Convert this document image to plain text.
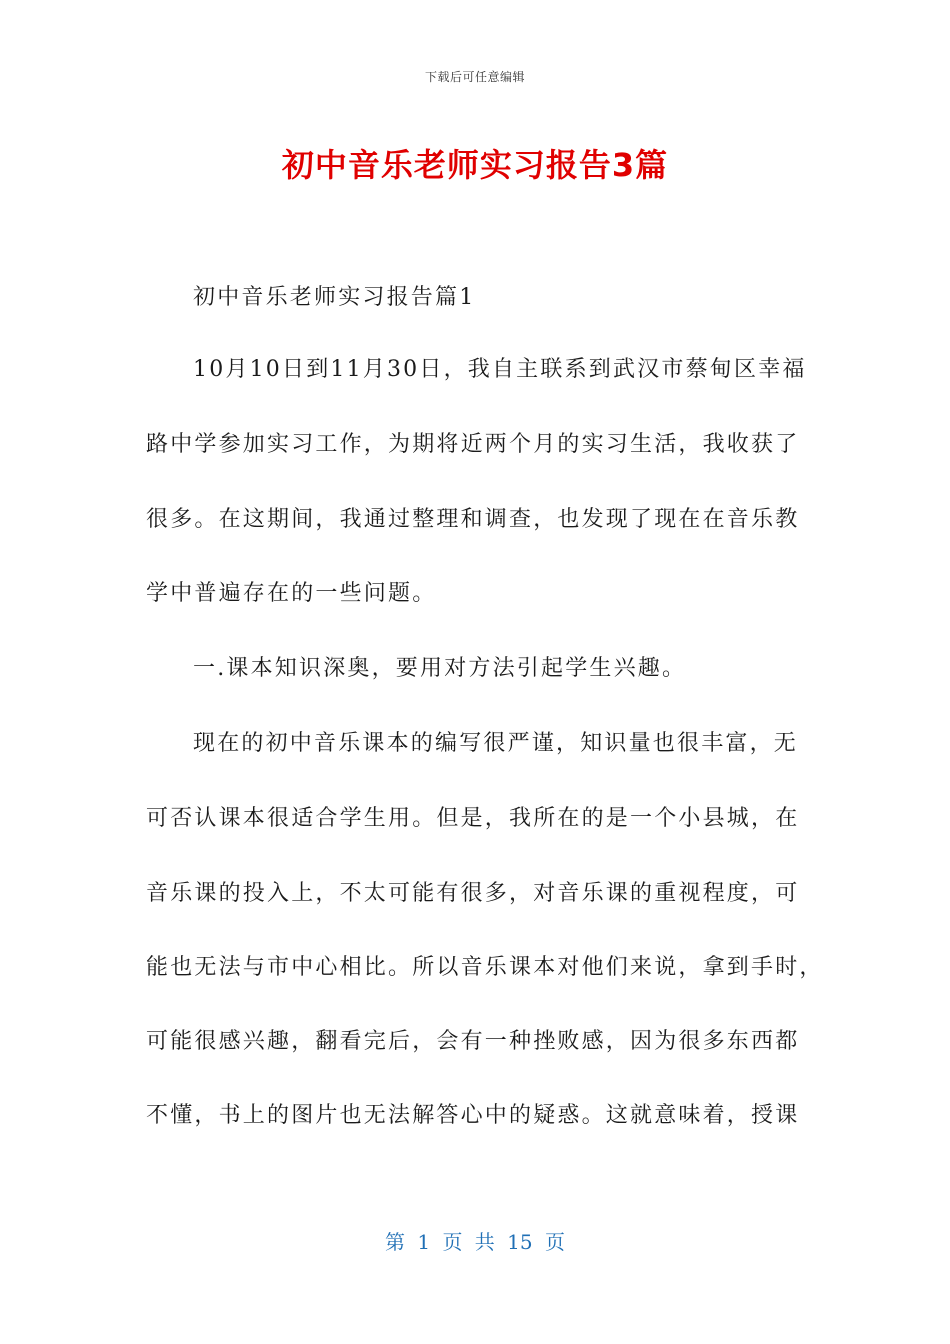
下载后可任意编辑
初中音乐老师实习报告3篇
初中音乐老师实习报告篇1
10月10日到11月30日，我自主联系到武汉市蔡甸区幸福
路中学参加实习工作，为期将近两个月的实习生活，我收获了
很多。在这期间，我通过整理和调查，也发现了现在在音乐教
学中普遍存在的一些问题。
一.课本知识深奥，要用对方法引起学生兴趣。
现在的初中音乐课本的编写很严谨，知识量也很丰富，无
可否认课本很适合学生用。但是，我所在的是一个小县城，在
音乐课的投入上，不太可能有很多，对音乐课的重视程度，可
能也无法与市中心相比。所以音乐课本对他们来说，拿到手时，
可能很感兴趣，翻看完后，会有一种挫败感，因为很多东西都
不懂，书上的图片也无法解答心中的疑惑。这就意味着，授课
第 1 页 共 15 页
